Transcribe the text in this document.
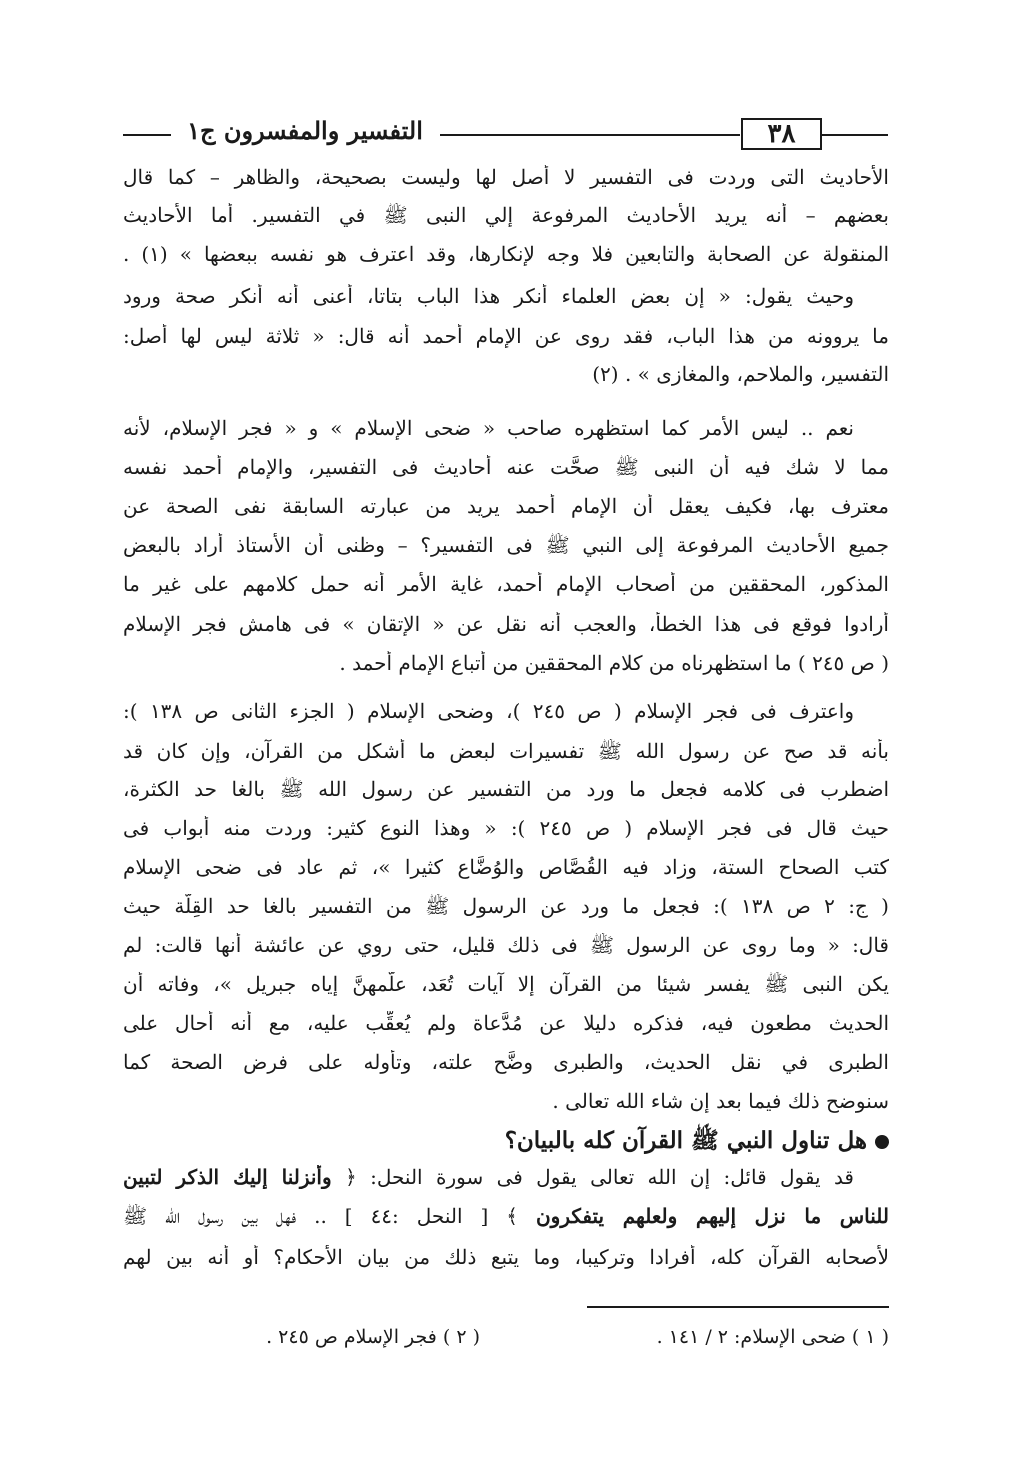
٣٨
التفسير والمفسرون ج١
الأحاديث التى وردت فى التفسير لا أصل لها وليست بصحيحة، والظاهر – كما قال
بعضهم – أنه يريد الأحاديث المرفوعة إلي النبى ﷺ في التفسير. أما الأحاديث
المنقولة عن الصحابة والتابعين فلا وجه لإنكارها، وقد اعترف هو نفسه ببعضها » (١) .
وحيث يقول: « إن بعض العلماء أنكر هذا الباب بتاتا، أعنى أنه أنكر صحة ورود
ما يروونه من هذا الباب، فقد روى عن الإمام أحمد أنه قال: « ثلاثة ليس لها أصل:
التفسير، والملاحم، والمغازى » . (٢)
نعم .. ليس الأمر كما استظهره صاحب « ضحى الإسلام » و « فجر الإسلام، لأنه
مما لا شك فيه أن النبى ﷺ صحَّت عنه أحاديث فى التفسير، والإمام أحمد نفسه
معترف بها، فكيف يعقل أن الإمام أحمد يريد من عبارته السابقة نفى الصحة عن
جميع الأحاديث المرفوعة إلى النبي ﷺ فى التفسير؟ – وظنى أن الأستاذ أراد بالبعض
المذكور، المحققين من أصحاب الإمام أحمد، غاية الأمر أنه حمل كلامهم على غير ما
أرادوا فوقع فى هذا الخطأ، والعجب أنه نقل عن « الإتقان » فى هامش فجر الإسلام
( ص ٢٤٥ ) ما استظهرناه من كلام المحققين من أتباع الإمام أحمد .
واعترف فى فجر الإسلام ( ص ٢٤٥ )، وضحى الإسلام ( الجزء الثانى ص ١٣٨ ):
بأنه قد صح عن رسول الله ﷺ تفسيرات لبعض ما أُشكل من القرآن، وإن كان قد
اضطرب فى كلامه فجعل ما ورد من التفسير عن رسول الله ﷺ بالغا حد الكثرة،
حيث قال فى فجر الإسلام ( ص ٢٤٥ ): « وهذا النوع كثير: وردت منه أبواب فى
كتب الصحاح الستة، وزاد فيه القُصَّاص والوُضَّاع كثيرا »، ثم عاد فى ضحى الإسلام
( ج: ٢ ص ١٣٨ ): فجعل ما ورد عن الرسول ﷺ من التفسير بالغا حد القِلَّة حيث
قال: « وما روى عن الرسول ﷺ فى ذلك قليل، حتى روي عن عائشة أنها قالت: لم
يكن النبى ﷺ يفسر شيئا من القرآن إلا آيات تُعَد، علَّمهنَّ إياه جبريل »، وفاته أن
الحديث مطعون فيه، فذكره دليلا عن مُدَّعاة ولم يُعقِّب عليه، مع أنه أحال على
الطبرى في نقل الحديث، والطبرى وضَّح علته، وتأوله على فرض الصحة كما
سنوضح ذلك فيما بعد إن شاء الله تعالى .
هل تناول النبي ﷺ القرآن كله بالبيان؟
قد يقول قائل: إن الله تعالى يقول فى سورة النحل: ﴿ وأنزلنا إليك الذكر لتبين
للناس ما نزل إليهم ولعلهم يتفكرون ﴾ [ النحل :٤٤ ] .. فهل بين رسول الله ﷺ
لأصحابه القرآن كله، أفرادا وتركيبا، وما يتبع ذلك من بيان الأحكام؟ أو أنه بين لهم
( ١ ) ضحى الإسلام: ٢ / ١٤١ .
( ٢ ) فجر الإسلام ص ٢٤٥ .
